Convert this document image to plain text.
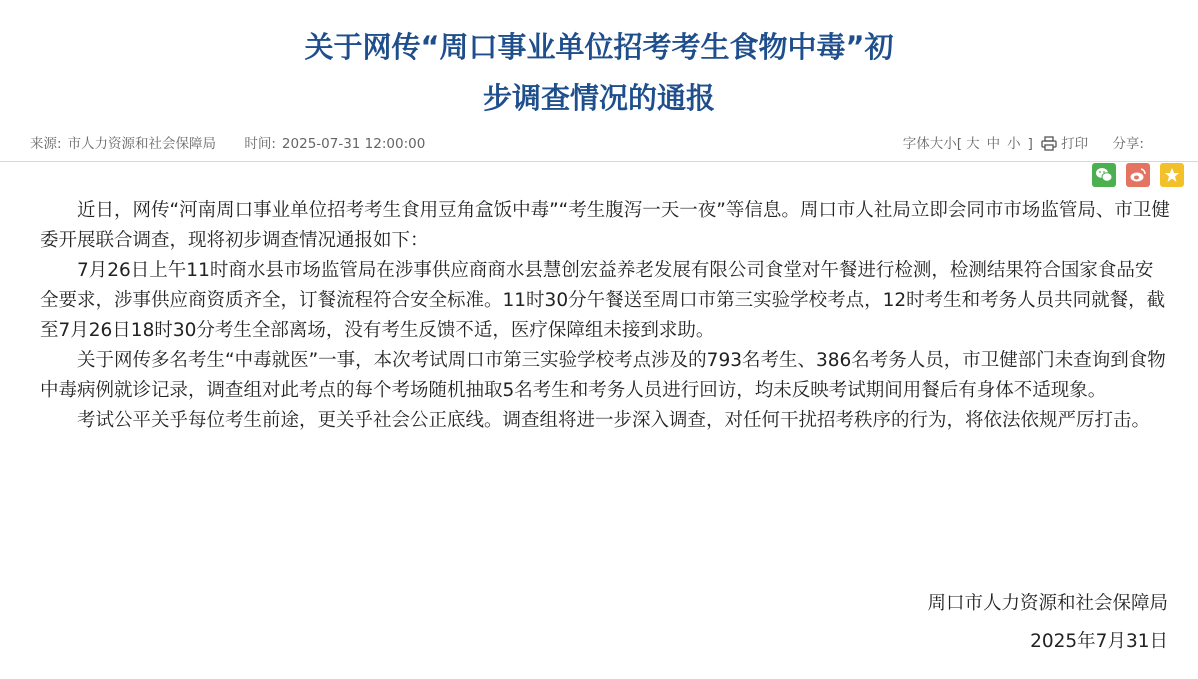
关于网传“周口事业单位招考考生食物中毒”初
步调查情况的通报
来源: 市人力资源和社会保障局 时间: 2025-07-31 12:00:00	字体大小[ 大 中 小 ] 打印 分享:

近日，网传“河南周口事业单位招考考生食用豆角盒饭中毒”“考生腹泻一天一夜”等信息。周口市人社局立即会同市市场监管局、市卫健委开展联合调查，现将初步调查情况通报如下：

7月26日上午11时商水县市场监管局在涉事供应商商水县慧创宏益养老发展有限公司食堂对午餐进行检测，检测结果符合国家食品安全要求，涉事供应商资质齐全，订餐流程符合安全标准。11时30分午餐送至周口市第三实验学校考点，12时考生和考务人员共同就餐，截至7月26日18时30分考生全部离场，没有考生反馈不适，医疗保障组未接到求助。

关于网传多名考生“中毒就医”一事，本次考试周口市第三实验学校考点涉及的793名考生、386名考务人员，市卫健部门未查询到食物中毒病例就诊记录，调查组对此考点的每个考场随机抽取5名考生和考务人员进行回访，均未反映考试期间用餐后有身体不适现象。

考试公平关乎每位考生前途，更关乎社会公正底线。调查组将进一步深入调查，对任何干扰招考秩序的行为，将依法依规严厉打击。

周口市人力资源和社会保障局
2025年7月31日
